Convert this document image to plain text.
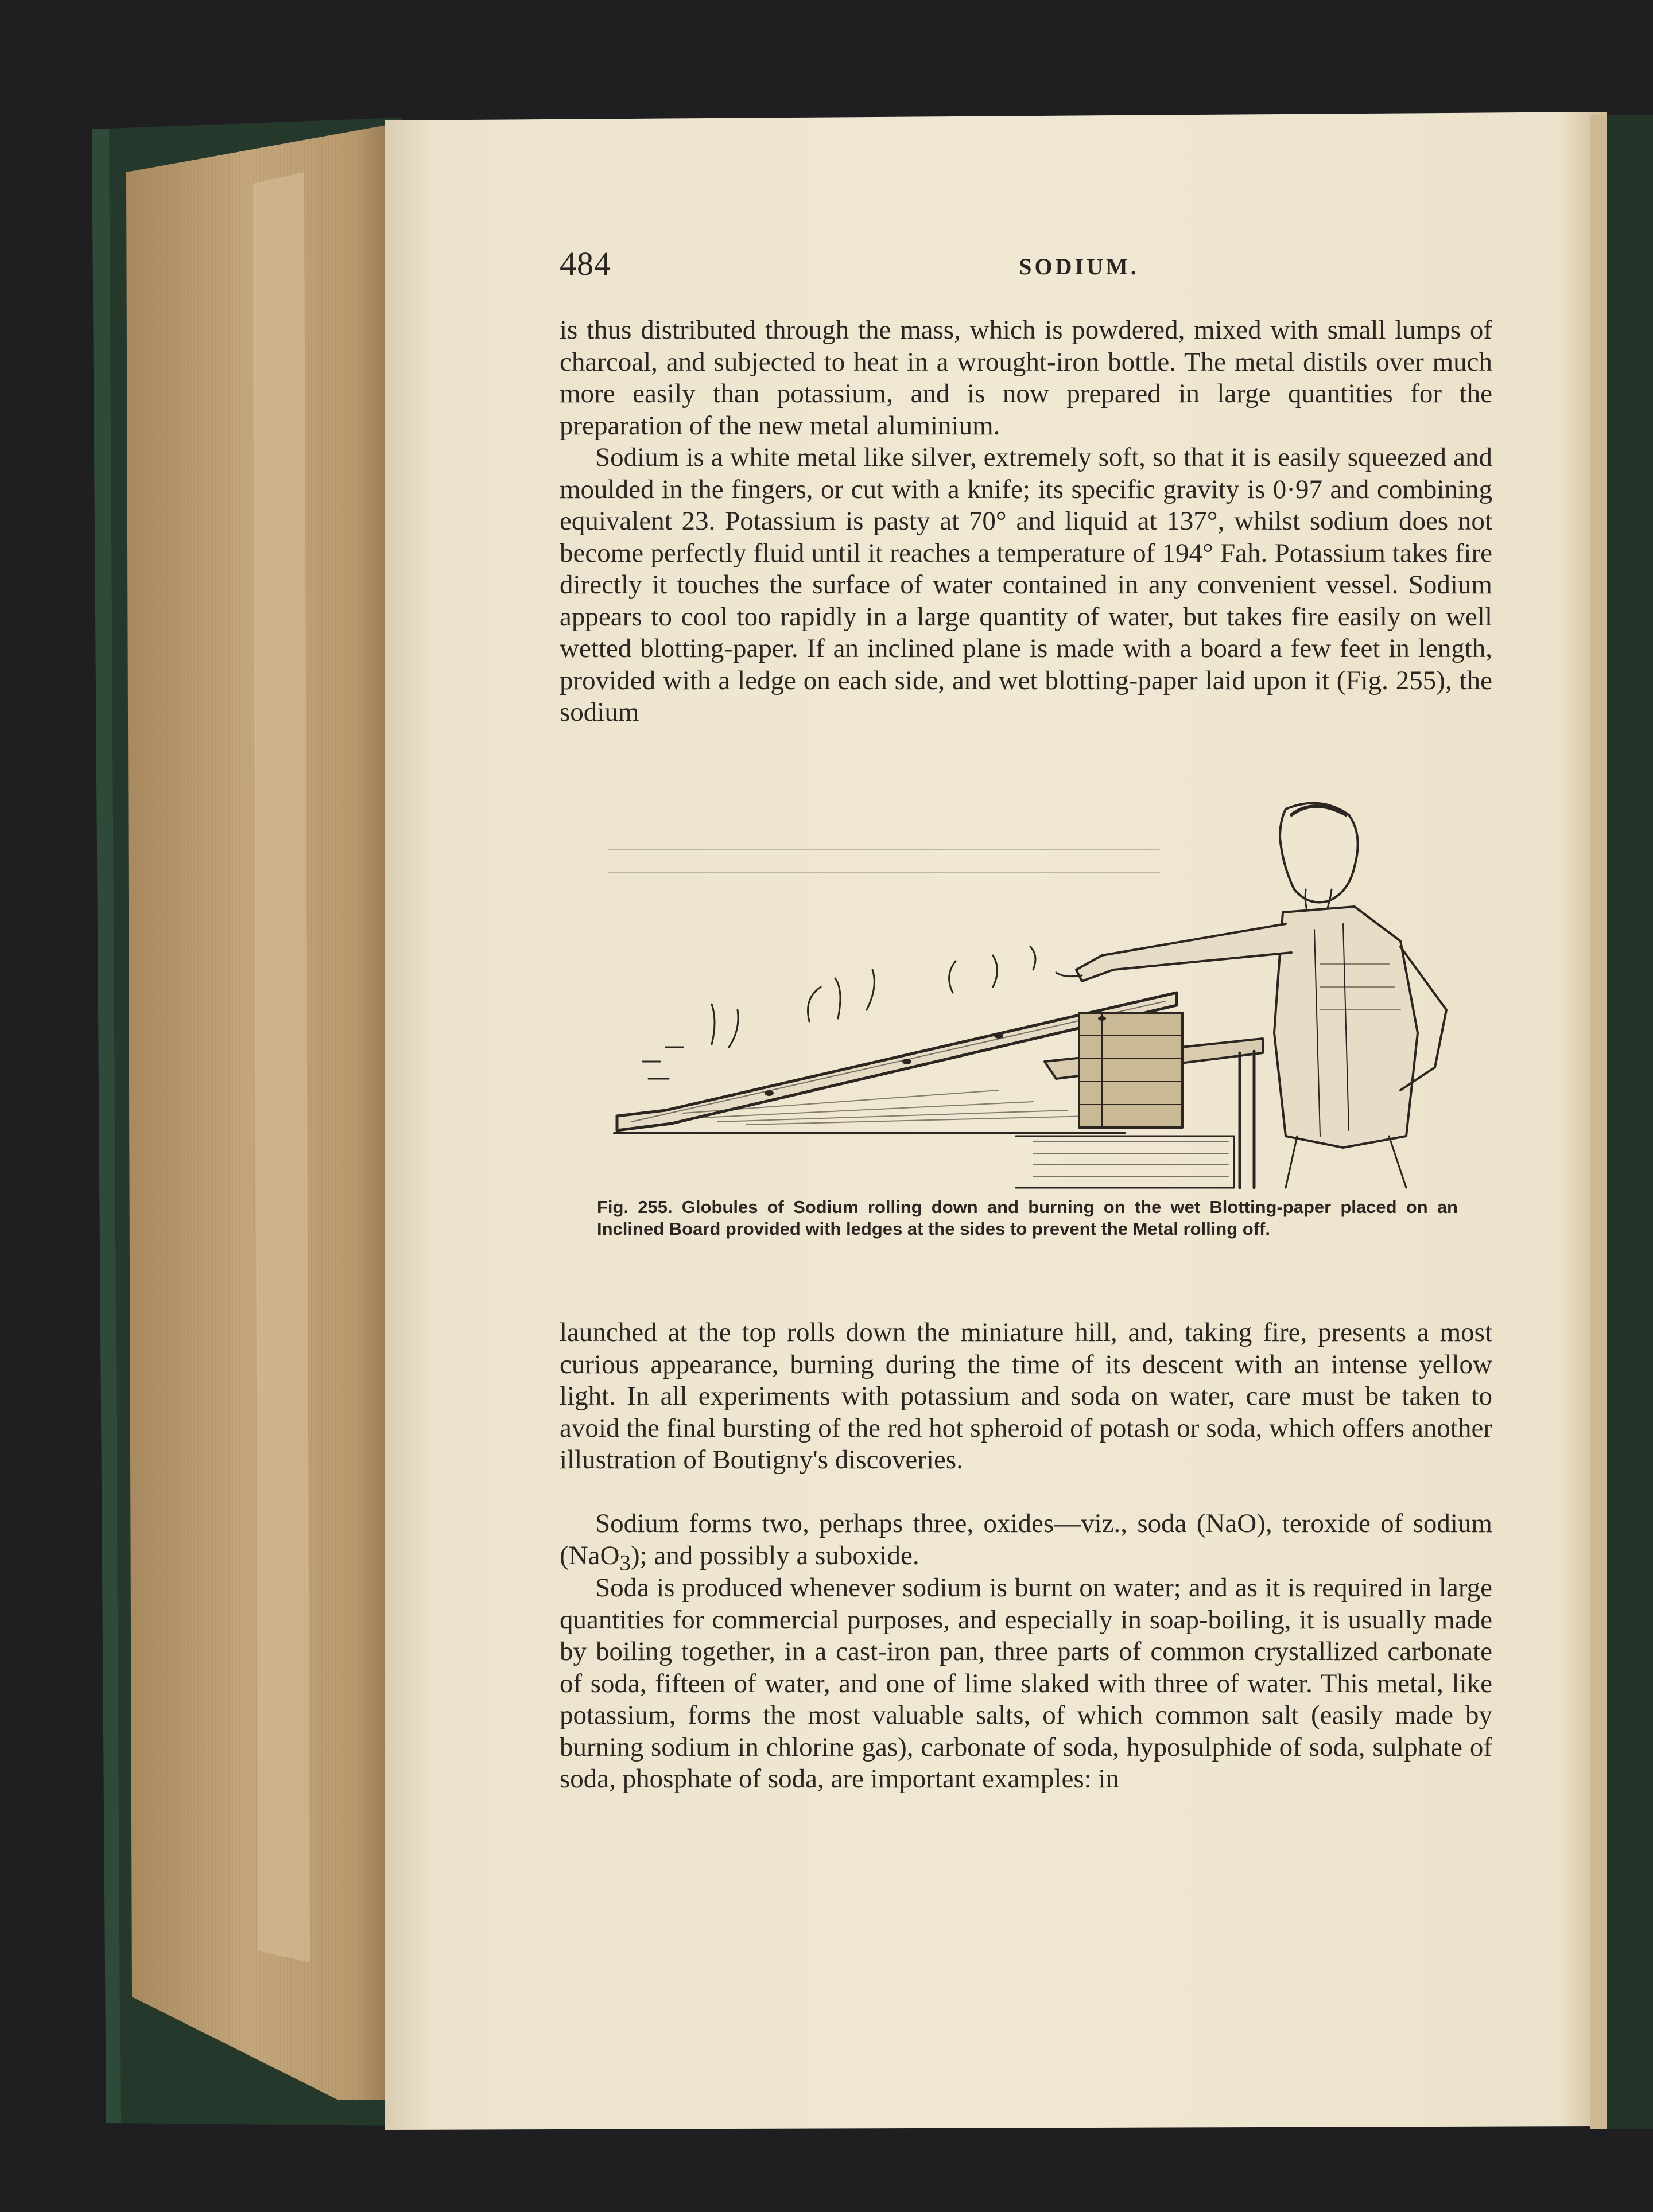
484	SODIUM.

is thus distributed through the mass, which is powdered, mixed with small lumps of charcoal, and subjected to heat in a wrought-iron bottle. The metal distils over much more easily than potassium, and is now prepared in large quantities for the preparation of the new metal aluminium.

Sodium is a white metal like silver, extremely soft, so that it is easily squeezed and moulded in the fingers, or cut with a knife; its specific gravity is 0·97 and combining equivalent 23. Potassium is pasty at 70° and liquid at 137°, whilst sodium does not become perfectly fluid until it reaches a temperature of 194° Fah. Potassium takes fire directly it touches the surface of water contained in any convenient vessel. Sodium appears to cool too rapidly in a large quantity of water, but takes fire easily on well wetted blotting-paper. If an inclined plane is made with a board a few feet in length, provided with a ledge on each side, and wet blotting-paper laid upon it (Fig. 255), the sodium

Fig. 255. Globules of Sodium rolling down and burning on the wet Blotting-paper placed on an Inclined Board provided with ledges at the sides to prevent the Metal rolling off.

launched at the top rolls down the miniature hill, and, taking fire, presents a most curious appearance, burning during the time of its descent with an intense yellow light. In all experiments with potassium and soda on water, care must be taken to avoid the final bursting of the red hot spheroid of potash or soda, which offers another illustration of Boutigny's discoveries.

Sodium forms two, perhaps three, oxides—viz., soda (NaO), teroxide of sodium (NaO$_3$); and possibly a suboxide.

Soda is produced whenever sodium is burnt on water; and as it is required in large quantities for commercial purposes, and especially in soap-boiling, it is usually made by boiling together, in a cast-iron pan, three parts of common crystallized carbonate of soda, fifteen of water, and one of lime slaked with three of water. This metal, like potassium, forms the most valuable salts, of which common salt (easily made by burning sodium in chlorine gas), carbonate of soda, hyposulphide of soda, sulphate of soda, phosphate of soda, are important examples: in
